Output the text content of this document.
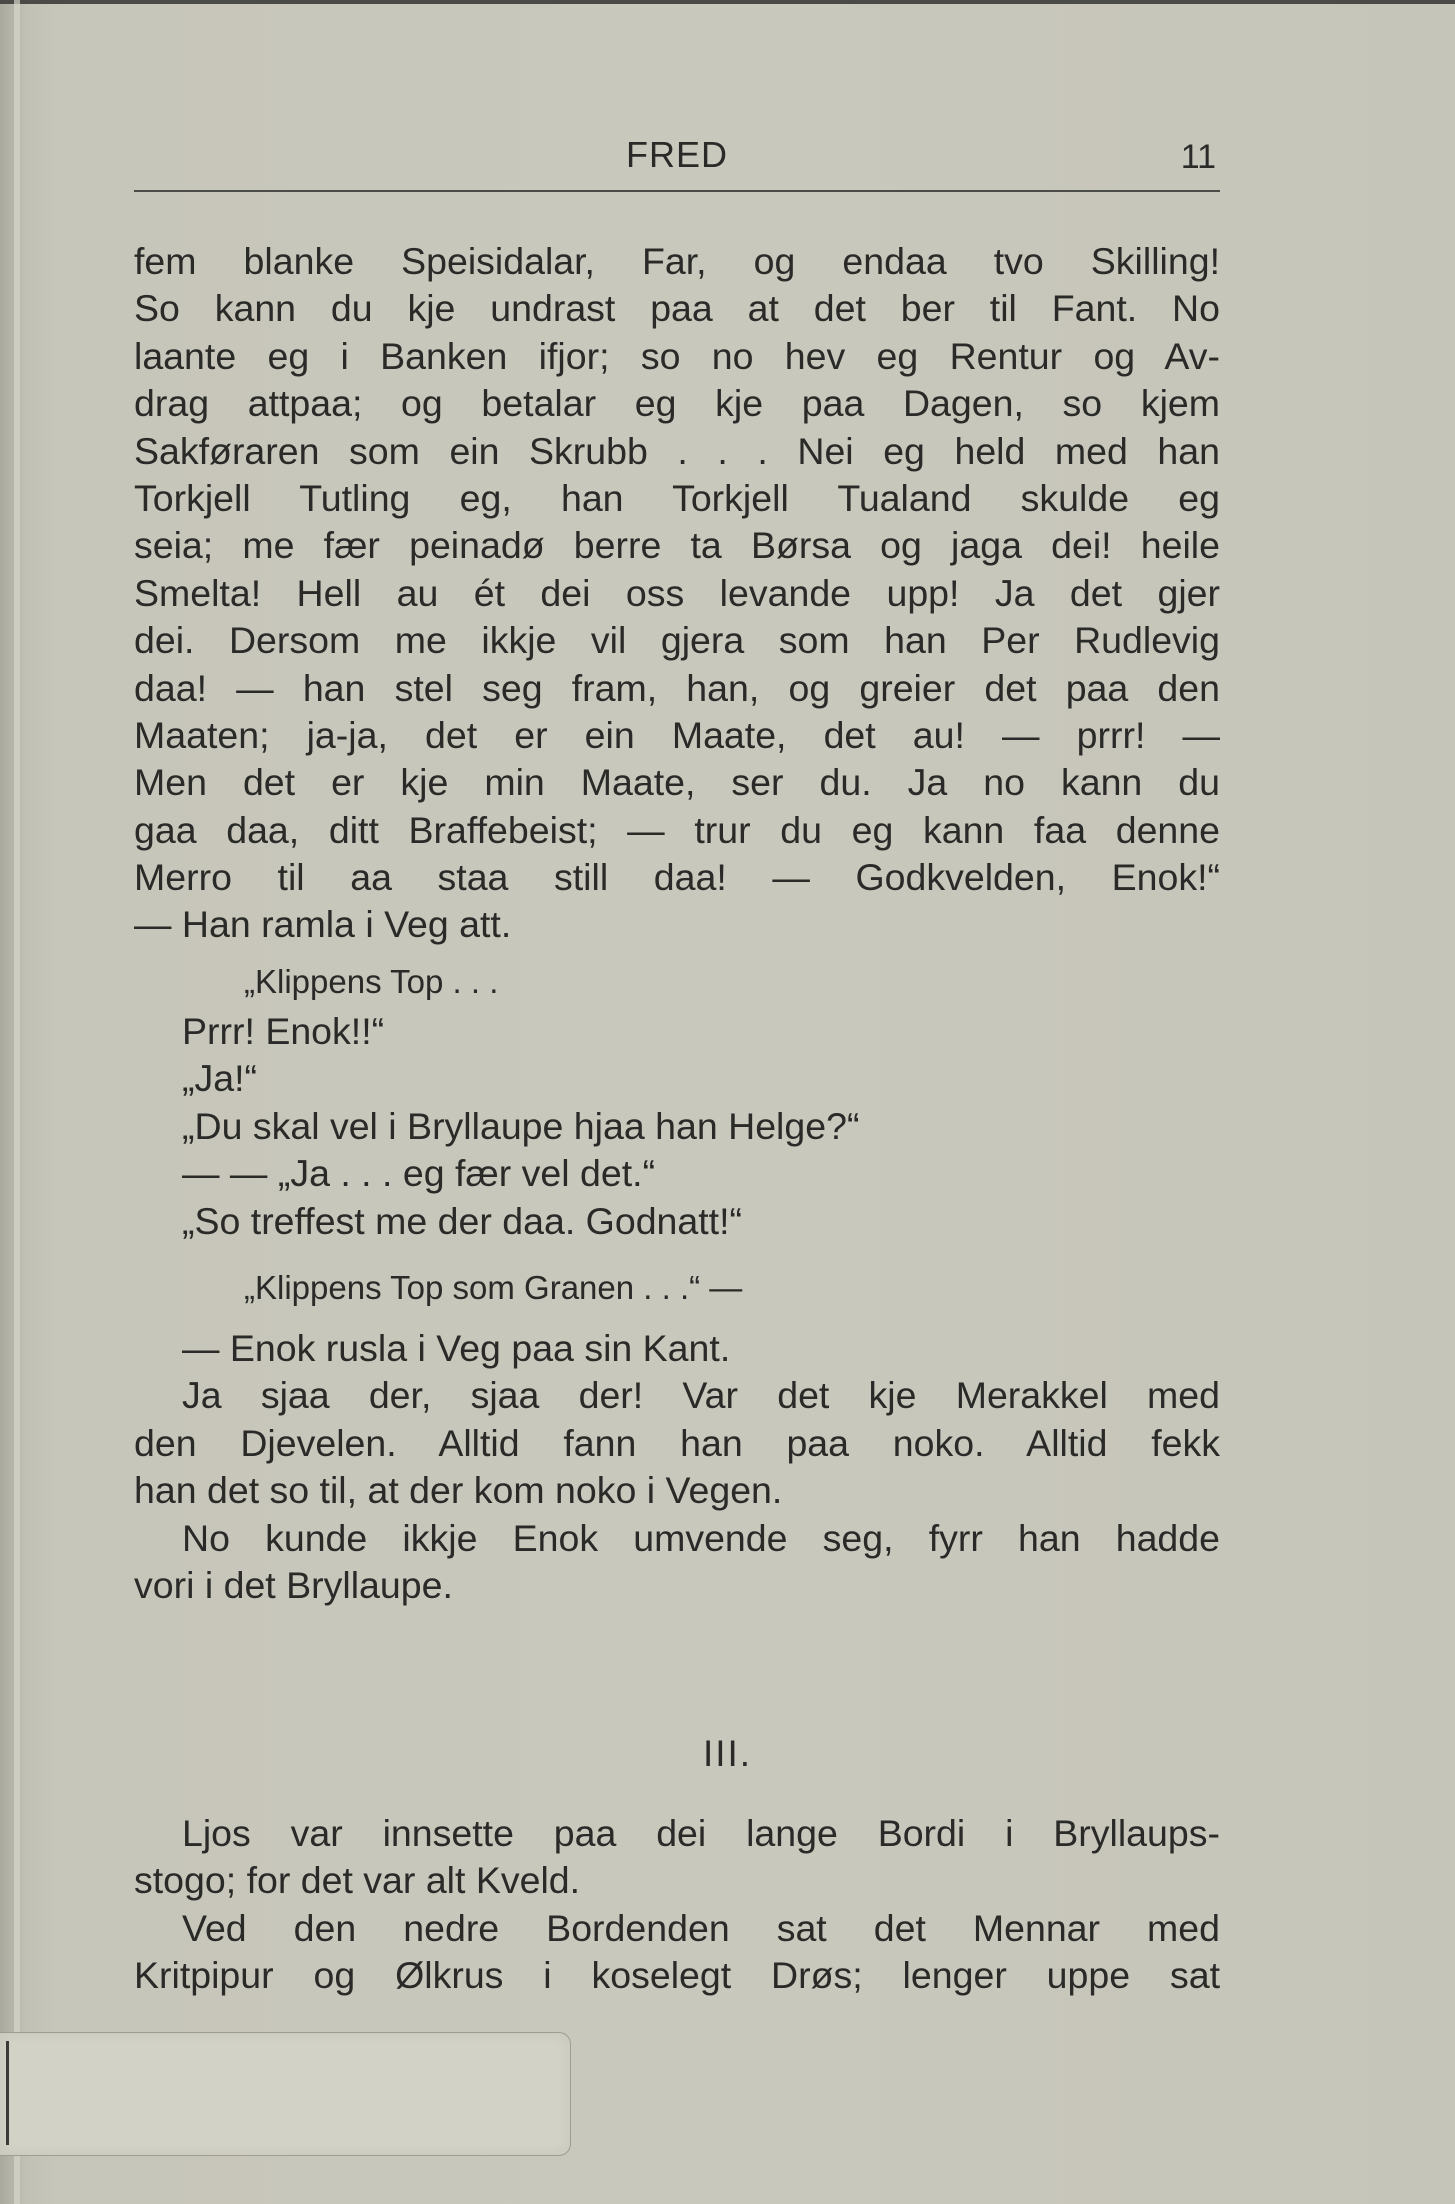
FRED	11
fem blanke Speisidalar, Far, og endaa tvo Skilling!
So kann du kje undrast paa at det ber til Fant. No
laante eg i Banken ifjor; so no hev eg Rentur og Av-
drag attpaa; og betalar eg kje paa Dagen, so kjem
Sakføraren som ein Skrubb . . . Nei eg held med han
Torkjell Tutling eg, han Torkjell Tualand skulde eg
seia; me fær peinadø berre ta Børsa og jaga dei! heile
Smelta! Hell au ét dei oss levande upp! Ja det gjer
dei. Dersom me ikkje vil gjera som han Per Rudlevig
daa! — han stel seg fram, han, og greier det paa den
Maaten; ja-ja, det er ein Maate, det au! — prrr! —
Men det er kje min Maate, ser du. Ja no kann du
gaa daa, ditt Braffebeist; — trur du eg kann faa denne
Merro til aa staa still daa! — Godkvelden, Enok!“
— Han ramla i Veg att.
„Klippens Top . . .
Prrr! Enok!!“
„Ja!“
„Du skal vel i Bryllaupe hjaa han Helge?“
— — „Ja . . . eg fær vel det.“
„So treffest me der daa. Godnatt!“
„Klippens Top som Granen . . .“ —
— Enok rusla i Veg paa sin Kant.
Ja sjaa der, sjaa der! Var det kje Merakkel med
den Djevelen. Alltid fann han paa noko. Alltid fekk
han det so til, at der kom noko i Vegen.
No kunde ikkje Enok umvende seg, fyrr han hadde
vori i det Bryllaupe.
III.
Ljos var innsette paa dei lange Bordi i Bryllaups-
stogo; for det var alt Kveld.
Ved den nedre Bordenden sat det Mennar med
Kritpipur og Ølkrus i koselegt Drøs; lenger uppe sat
